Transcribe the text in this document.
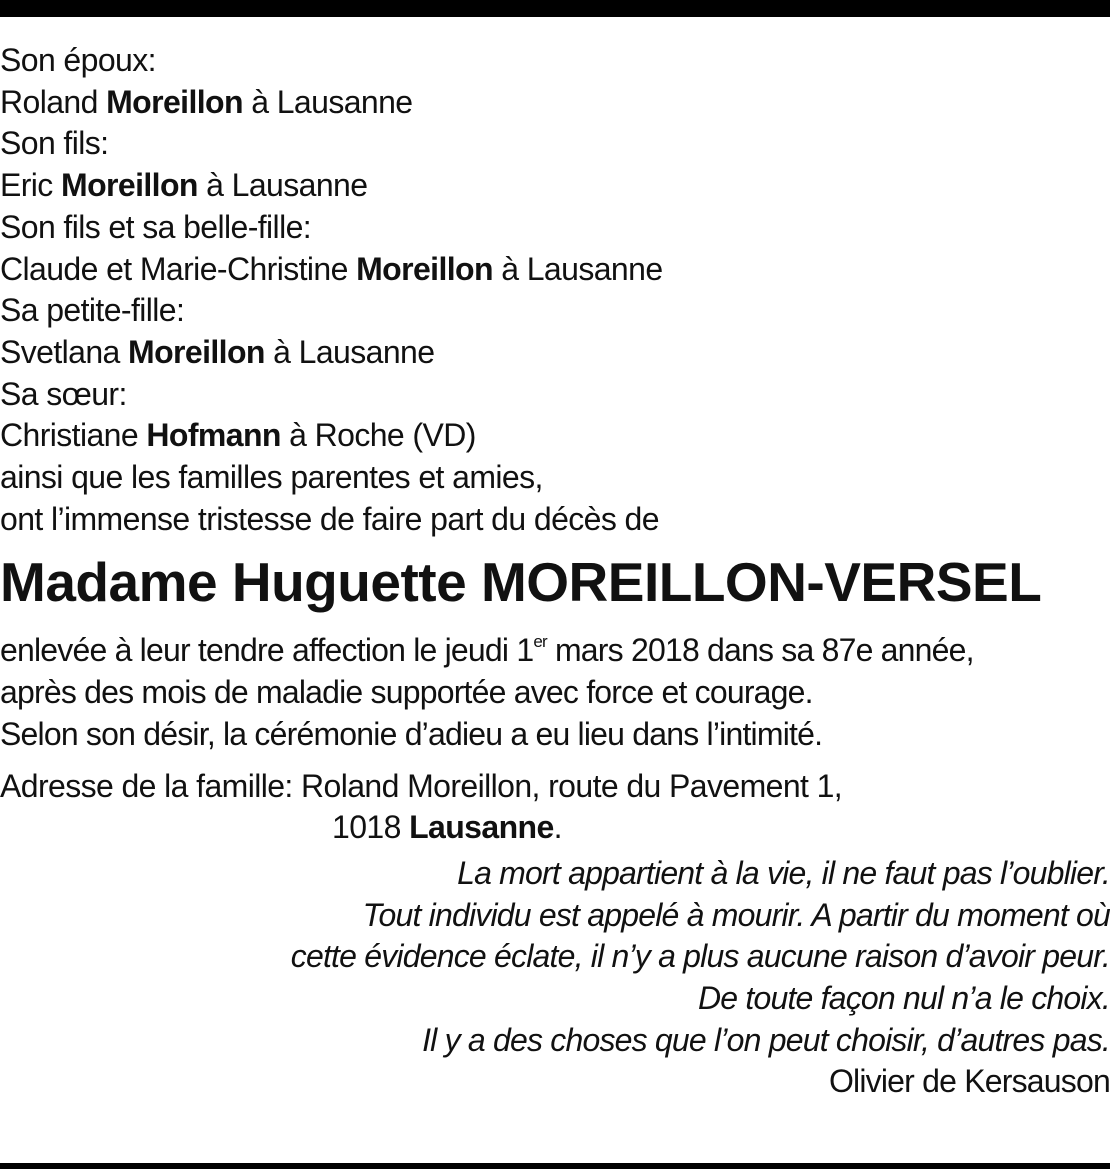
Son époux:
Roland Moreillon à Lausanne
Son fils:
Eric Moreillon à Lausanne
Son fils et sa belle-fille:
Claude et Marie-Christine Moreillon à Lausanne
Sa petite-fille:
Svetlana Moreillon à Lausanne
Sa sœur:
Christiane Hofmann à Roche (VD)
ainsi que les familles parentes et amies,
ont l’immense tristesse de faire part du décès de
Madame Huguette MOREILLON-VERSEL
enlevée à leur tendre affection le jeudi 1er mars 2018 dans sa 87e année,
après des mois de maladie supportée avec force et courage.
Selon son désir, la cérémonie d’adieu a eu lieu dans l’intimité.
Adresse de la famille: Roland Moreillon, route du Pavement 1,
1018 Lausanne.
La mort appartient à la vie, il ne faut pas l’oublier.
Tout individu est appelé à mourir. A partir du moment où
cette évidence éclate, il n’y a plus aucune raison d’avoir peur.
De toute façon nul n’a le choix.
Il y a des choses que l’on peut choisir, d’autres pas.
Olivier de Kersauson
